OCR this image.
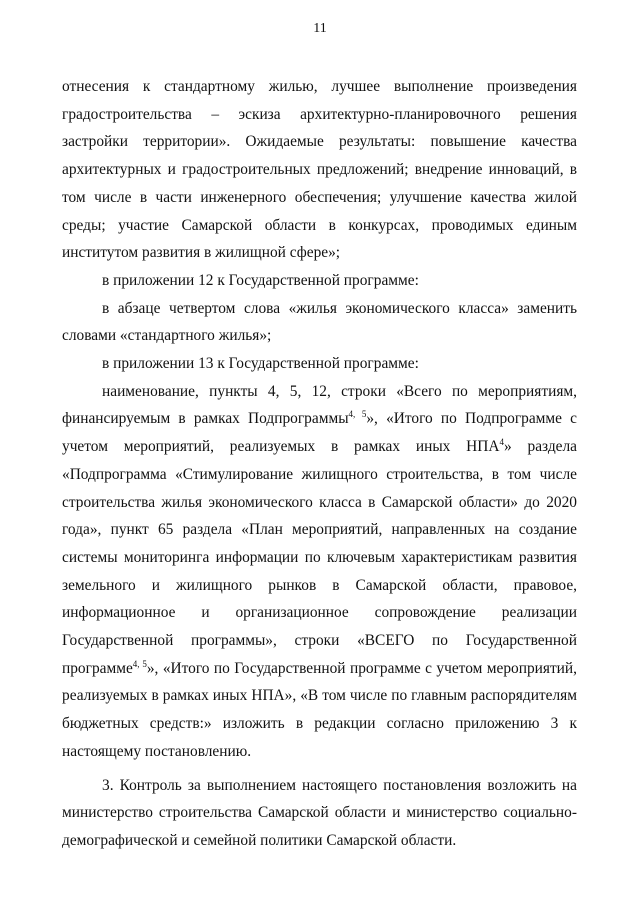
11

отнесения к стандартному жилью, лучшее выполнение произведения градостроительства – эскиза архитектурно-планировочного решения застройки территории». Ожидаемые результаты: повышение качества архитектурных и градостроительных предложений; внедрение инноваций, в том числе в части инженерного обеспечения; улучшение качества жилой среды; участие Самарской области в конкурсах, проводимых единым институтом развития в жилищной сфере»;

в приложении 12 к Государственной программе:

в абзаце четвертом слова «жилья экономического класса» заменить словами «стандартного жилья»;

в приложении 13 к Государственной программе:

наименование, пункты 4, 5, 12, строки «Всего по мероприятиям, финансируемым в рамках Подпрограммы$^{4, 5}$», «Итого по Подпрограмме с учетом мероприятий, реализуемых в рамках иных НПА$^4$» раздела «Подпрограмма «Стимулирование жилищного строительства, в том числе строительства жилья экономического класса в Самарской области» до 2020 года», пункт 65 раздела «План мероприятий, направленных на создание системы мониторинга информации по ключевым характеристикам развития земельного и жилищного рынков в Самарской области, правовое, информационное и организационное сопровождение реализации Государственной программы», строки «ВСЕГО по Государственной программе$^{4, 5}$», «Итого по Государственной программе с учетом мероприятий, реализуемых в рамках иных НПА», «В том числе по главным распорядителям бюджетных средств:» изложить в редакции согласно приложению 3 к настоящему постановлению.

3. Контроль за выполнением настоящего постановления возложить на министерство строительства Самарской области и министерство социально-демографической и семейной политики Самарской области.
